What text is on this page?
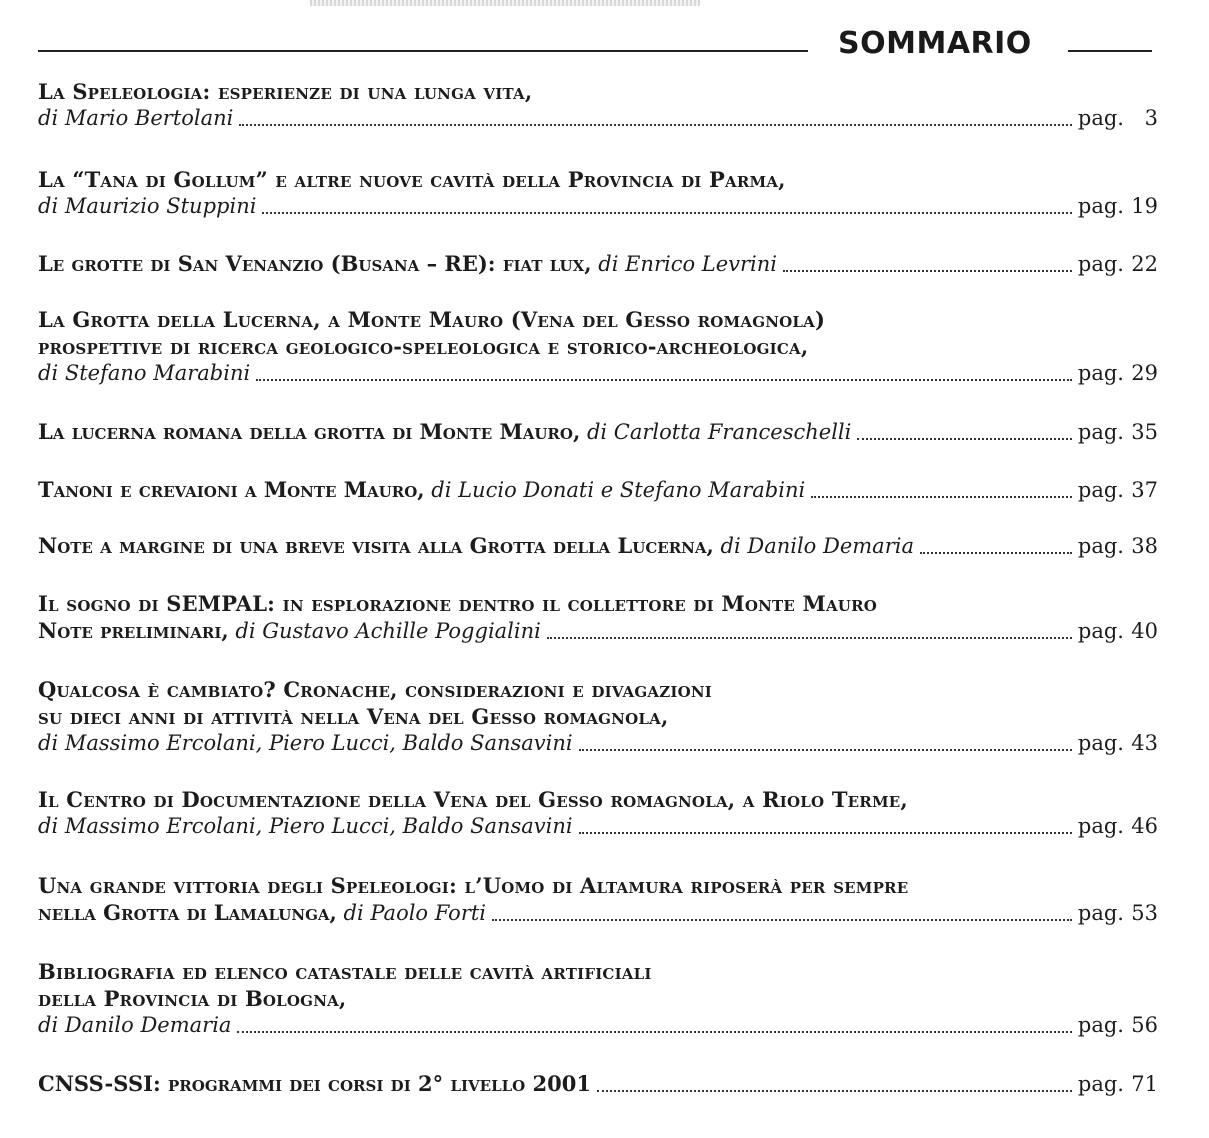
SOMMARIO
La Speleologia: esperienze di una lunga vita,
di Mario Bertolani	pag. 3
La “Tana di Gollum” e altre nuove cavità della Provincia di Parma,
di Maurizio Stuppini	pag. 19
Le grotte di San Venanzio (Busana – RE): fiat lux,
di Enrico Levrini	pag. 22
La Grotta della Lucerna, a Monte Mauro (Vena del Gesso romagnola)
prospettive di ricerca geologico-speleologica e storico-archeologica,
di Stefano Marabini	pag. 29
La lucerna romana della grotta di Monte Mauro,
di Carlotta Franceschelli	pag. 35
Tanoni e crevaioni a Monte Mauro,
di Lucio Donati e Stefano Marabini	pag. 37
Note a margine di una breve visita alla Grotta della Lucerna,
di Danilo Demaria	pag. 38
Il sogno di SEMPAL: in esplorazione dentro il collettore di Monte Mauro
Note preliminari,
di Gustavo Achille Poggialini	pag. 40
Qualcosa è cambiato? Cronache, considerazioni e divagazioni
su dieci anni di attività nella Vena del Gesso romagnola,
di Massimo Ercolani, Piero Lucci, Baldo Sansavini	pag. 43
Il Centro di Documentazione della Vena del Gesso romagnola, a Riolo Terme,
di Massimo Ercolani, Piero Lucci, Baldo Sansavini	pag. 46
Una grande vittoria degli Speleologi: l’Uomo di Altamura riposerà per sempre
nella Grotta di Lamalunga,
di Paolo Forti	pag. 53
Bibliografia ed elenco catastale delle cavità artificiali
della Provincia di Bologna,
di Danilo Demaria	pag. 56
CNSS-SSI: programmi dei corsi di 2° livello 2001	pag. 71
